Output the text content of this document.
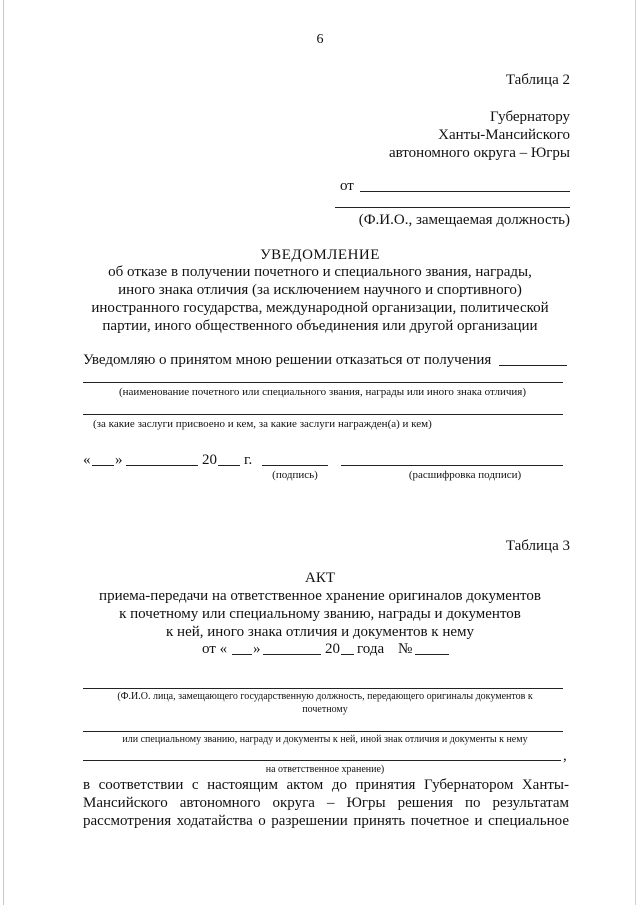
6
Таблица 2
Губернатору
Ханты-Мансийского
автономного округа – Югры
от
(Ф.И.О., замещаемая должность)
УВЕДОМЛЕНИЕ
об отказе в получении почетного и специального звания, награды,
иного знака отличия (за исключением научного и спортивного)
иностранного государства, международной организации, политической
партии, иного общественного объединения или другой организации
Уведомляю о принятом мною решении отказаться от получения
(наименование почетного или специального звания, награды или иного знака отличия)
(за какие заслуги присвоено и кем, за какие заслуги награжден(а) и кем)
« »	20 г.
(подпись)	(расшифровка подписи)
Таблица 3
АКТ
приема-передачи на ответственное хранение оригиналов документов
к почетному или специальному званию, награды и документов
к ней, иного знака отличия и документов к нему
от « »	20 года №
(Ф.И.О. лица, замещающего государственную должность, передающего оригиналы документов к
почетному
или специальному званию, награду и документы к ней, иной знак отличия и документы к нему
,
на ответственное хранение)
в соответствии с настоящим актом до принятия Губернатором Ханты-
Мансийского автономного округа – Югры решения по результатам
рассмотрения ходатайства о разрешении принять почетное и специальное
